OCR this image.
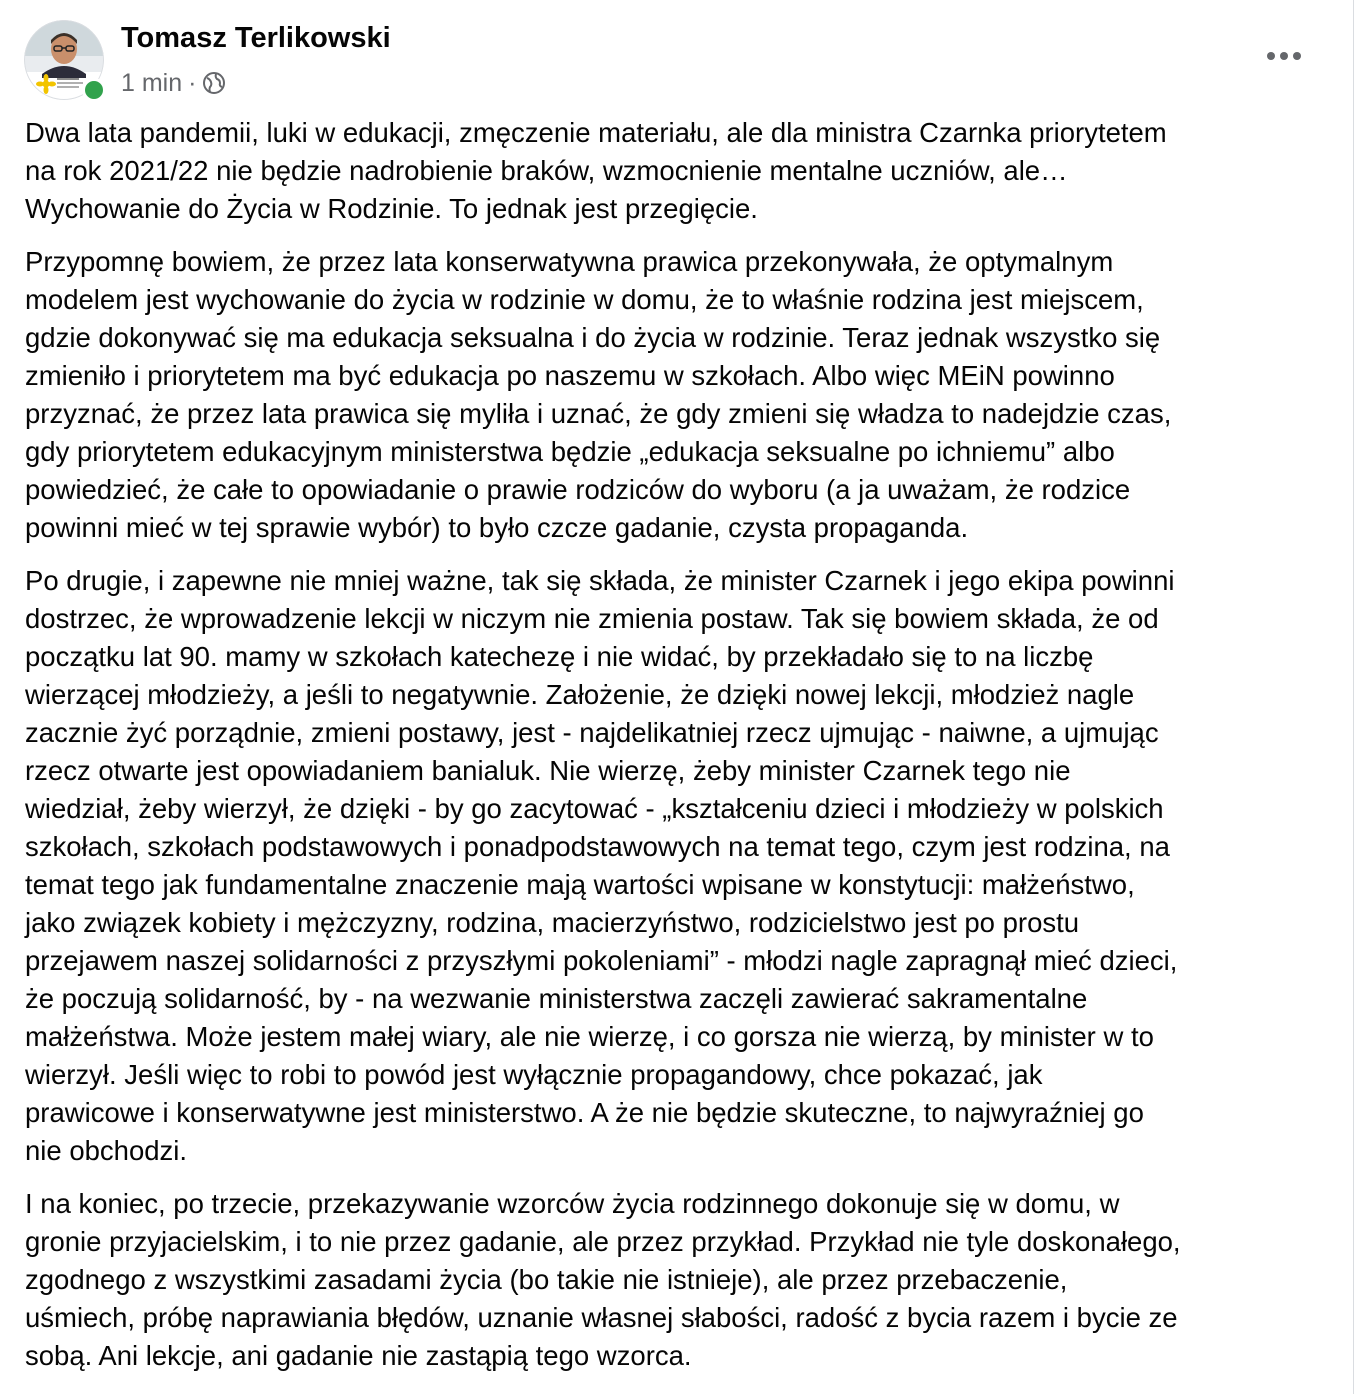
Tomasz Terlikowski
1 min ·

Dwa lata pandemii, luki w edukacji, zmęczenie materiału, ale dla ministra Czarnka priorytetem
na rok 2021/22 nie będzie nadrobienie braków, wzmocnienie mentalne uczniów, ale…
Wychowanie do Życia w Rodzinie. To jednak jest przegięcie.

Przypomnę bowiem, że przez lata konserwatywna prawica przekonywała, że optymalnym
modelem jest wychowanie do życia w rodzinie w domu, że to właśnie rodzina jest miejscem,
gdzie dokonywać się ma edukacja seksualna i do życia w rodzinie. Teraz jednak wszystko się
zmieniło i priorytetem ma być edukacja po naszemu w szkołach. Albo więc MEiN powinno
przyznać, że przez lata prawica się myliła i uznać, że gdy zmieni się władza to nadejdzie czas,
gdy priorytetem edukacyjnym ministerstwa będzie „edukacja seksualne po ichniemu” albo
powiedzieć, że całe to opowiadanie o prawie rodziców do wyboru (a ja uważam, że rodzice
powinni mieć w tej sprawie wybór) to było czcze gadanie, czysta propaganda.

Po drugie, i zapewne nie mniej ważne, tak się składa, że minister Czarnek i jego ekipa powinni
dostrzec, że wprowadzenie lekcji w niczym nie zmienia postaw. Tak się bowiem składa, że od
początku lat 90. mamy w szkołach katechezę i nie widać, by przekładało się to na liczbę
wierzącej młodzieży, a jeśli to negatywnie. Założenie, że dzięki nowej lekcji, młodzież nagle
zacznie żyć porządnie, zmieni postawy, jest - najdelikatniej rzecz ujmując - naiwne, a ujmując
rzecz otwarte jest opowiadaniem banialuk. Nie wierzę, żeby minister Czarnek tego nie
wiedział, żeby wierzył, że dzięki - by go zacytować - „kształceniu dzieci i młodzieży w polskich
szkołach, szkołach podstawowych i ponadpodstawowych na temat tego, czym jest rodzina, na
temat tego jak fundamentalne znaczenie mają wartości wpisane w konstytucji: małżeństwo,
jako związek kobiety i mężczyzny, rodzina, macierzyństwo, rodzicielstwo jest po prostu
przejawem naszej solidarności z przyszłymi pokoleniami” - młodzi nagle zapragnął mieć dzieci,
że poczują solidarność, by - na wezwanie ministerstwa zaczęli zawierać sakramentalne
małżeństwa. Może jestem małej wiary, ale nie wierzę, i co gorsza nie wierzą, by minister w to
wierzył. Jeśli więc to robi to powód jest wyłącznie propagandowy, chce pokazać, jak
prawicowe i konserwatywne jest ministerstwo. A że nie będzie skuteczne, to najwyraźniej go
nie obchodzi.

I na koniec, po trzecie, przekazywanie wzorców życia rodzinnego dokonuje się w domu, w
gronie przyjacielskim, i to nie przez gadanie, ale przez przykład. Przykład nie tyle doskonałego,
zgodnego z wszystkimi zasadami życia (bo takie nie istnieje), ale przez przebaczenie,
uśmiech, próbę naprawiania błędów, uznanie własnej słabości, radość z bycia razem i bycie ze
sobą. Ani lekcje, ani gadanie nie zastąpią tego wzorca.
